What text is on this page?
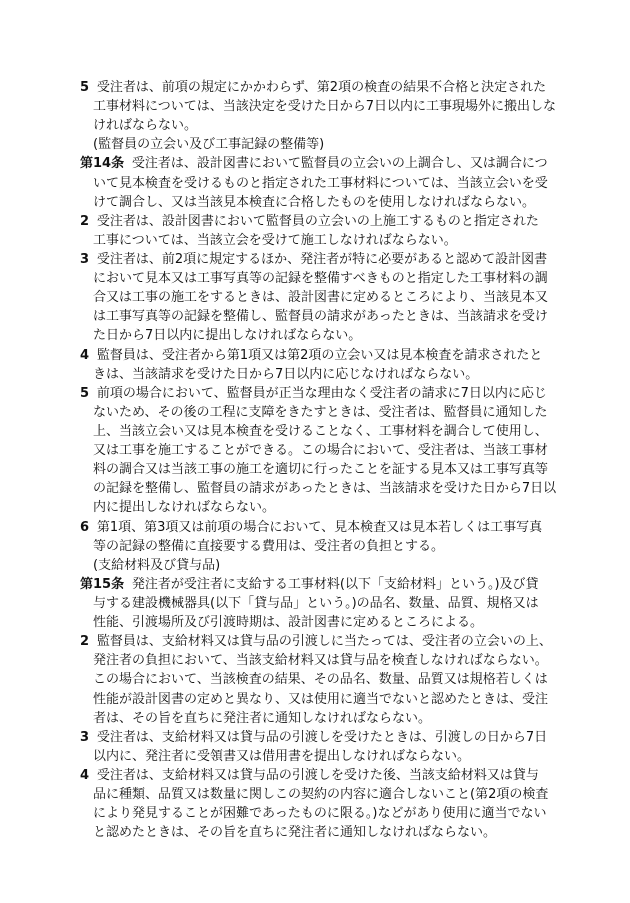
5 受注者は、前項の規定にかかわらず、第2項の検査の結果不合格と決定された
工事材料については、当該決定を受けた日から7日以内に工事現場外に搬出しな
ければならない。
(監督員の立会い及び工事記録の整備等)
第14条 受注者は、設計図書において監督員の立会いの上調合し、又は調合につ
いて見本検査を受けるものと指定された工事材料については、当該立会いを受
けて調合し、又は当該見本検査に合格したものを使用しなければならない。
2 受注者は、設計図書において監督員の立会いの上施工するものと指定された
工事については、当該立会を受けて施工しなければならない。
3 受注者は、前2項に規定するほか、発注者が特に必要があると認めて設計図書
において見本又は工事写真等の記録を整備すべきものと指定した工事材料の調
合又は工事の施工をするときは、設計図書に定めるところにより、当該見本又
は工事写真等の記録を整備し、監督員の請求があったときは、当該請求を受け
た日から7日以内に提出しなければならない。
4 監督員は、受注者から第1項又は第2項の立会い又は見本検査を請求されたと
きは、当該請求を受けた日から7日以内に応じなければならない。
5 前項の場合において、監督員が正当な理由なく受注者の請求に7日以内に応じ
ないため、その後の工程に支障をきたすときは、受注者は、監督員に通知した
上、当該立会い又は見本検査を受けることなく、工事材料を調合して使用し、
又は工事を施工することができる。この場合において、受注者は、当該工事材
料の調合又は当該工事の施工を適切に行ったことを証する見本又は工事写真等
の記録を整備し、監督員の請求があったときは、当該請求を受けた日から7日以
内に提出しなければならない。
6 第1項、第3項又は前項の場合において、見本検査又は見本若しくは工事写真
等の記録の整備に直接要する費用は、受注者の負担とする。
(支給材料及び貸与品)
第15条 発注者が受注者に支給する工事材料(以下「支給材料」という。)及び貸
与する建設機械器具(以下「貸与品」という。)の品名、数量、品質、規格又は
性能、引渡場所及び引渡時期は、設計図書に定めるところによる。
2 監督員は、支給材料又は貸与品の引渡しに当たっては、受注者の立会いの上、
発注者の負担において、当該支給材料又は貸与品を検査しなければならない。
この場合において、当該検査の結果、その品名、数量、品質又は規格若しくは
性能が設計図書の定めと異なり、又は使用に適当でないと認めたときは、受注
者は、その旨を直ちに発注者に通知しなければならない。
3 受注者は、支給材料又は貸与品の引渡しを受けたときは、引渡しの日から7日
以内に、発注者に受領書又は借用書を提出しなければならない。
4 受注者は、支給材料又は貸与品の引渡しを受けた後、当該支給材料又は貸与
品に種類、品質又は数量に関しこの契約の内容に適合しないこと(第2項の検査
により発見することが困難であったものに限る。)などがあり使用に適当でない
と認めたときは、その旨を直ちに発注者に通知しなければならない。
